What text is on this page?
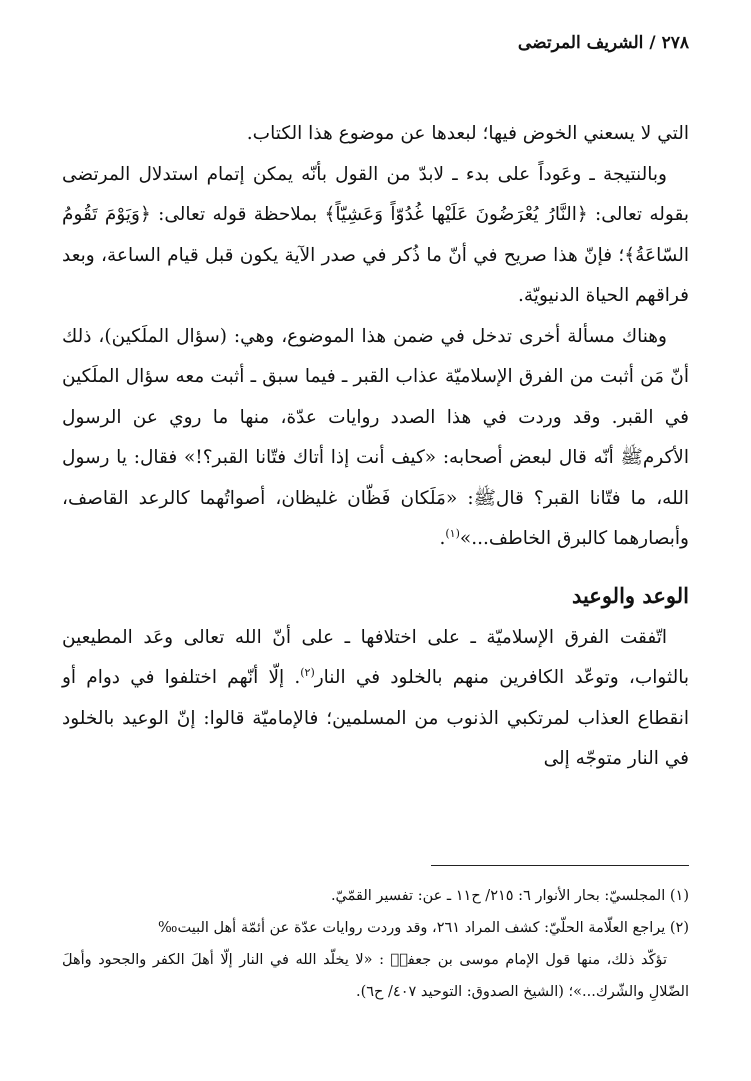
٢٧٨/الشريف المرتضى

التي لا يسعني الخوض فيها؛ لبعدها عن موضوع هذا الكتاب.

وبالنتيجة ـ وعَوداً على بدء ـ لابدّ من القول بأنّه يمكن إتمام استدلال المرتضى بقوله تعالى: ﴿النَّارُ يُعْرَضُونَ عَلَيْها غُدُوّاً وَعَشِيّاً﴾ بملاحظة قوله تعالى: ﴿وَيَوْمَ تَقُومُ السّاعَةُ﴾؛ فإنّ هذا صريح في أنّ ما ذُكر في صدر الآية يكون قبل قيام الساعة، وبعد فراقهم الحياة الدنيويّة.

وهناك مسألة أخرى تدخل في ضمن هذا الموضوع، وهي: (سؤال الملَكين)، ذلك أنّ مَن أثبت من الفرق الإسلاميّة عذاب القبر ـ فيما سبق ـ أثبت معه سؤال الملَكين في القبر. وقد وردت في هذا الصدد روايات عدّة، منها ما روي عن الرسول الأكرمﷺ أنّه قال لبعض أصحابه: «كيف أنت إذا أتاك فتّانا القبر؟!» فقال: يا رسول الله، ما فتّانا القبر؟ قالﷺ: «مَلَكان فَظّان غليظان، أصواتُهما كالرعد القاصف، وأبصارهما كالبرق الخاطف...»$^{(١)}$.

الوعد والوعيد

اتّفقت الفرق الإسلاميّة ـ على اختلافها ـ على أنّ الله تعالى وعَد المطيعين بالثواب، وتوعّد الكافرين منهم بالخلود في النار$^{(٢)}$. إلّا أنّهم اختلفوا في دوام أو انقطاع العذاب لمرتكبي الذنوب من المسلمين؛ فالإماميّة قالوا: إنّ الوعيد بالخلود في النار متوجّه إلى

(١) المجلسيّ: بحار الأنوار ٦: ٢١٥/ ح١١ ـ عن: تفسير القمّيّ.

(٢) يراجع العلّامة الحلّيّ: كشف المراد ٢٦١، وقد وردت روايات عدّة عن أئمّة أهل البيت‰

تؤكّد ذلك، منها قول الإمام موسى بن جعفرؑ : «لا يخلّد الله في النار إلّا أهلَ الكفر والجحود وأهلَ الضّلالِ والشّرك...»؛ (الشيخ الصدوق: التوحيد ٤٠٧/ ح٦).
